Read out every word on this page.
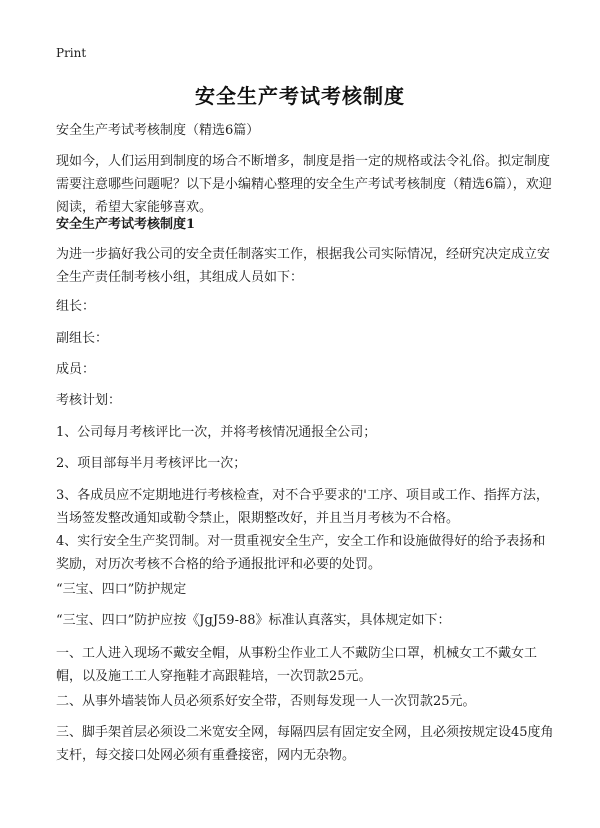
Print
安全生产考试考核制度

安全生产考试考核制度（精选6篇）

现如今，人们运用到制度的场合不断增多，制度是指一定的规格或法令礼俗。拟定制度需要注意哪些问题呢？以下是小编精心整理的安全生产考试考核制度（精选6篇），欢迎阅读，希望大家能够喜欢。

安全生产考试考核制度1

为进一步搞好我公司的安全责任制落实工作，根据我公司实际情况，经研究决定成立安全生产责任制考核小组，其组成人员如下：

组长：

副组长：

成员：

考核计划：

1、公司每月考核评比一次，并将考核情况通报全公司；

2、项目部每半月考核评比一次；

3、各成员应不定期地进行考核检查，对不合乎要求的'工序、项目或工作、指挥方法，当场签发整改通知或勒令禁止，限期整改好，并且当月考核为不合格。

4、实行安全生产奖罚制。对一贯重视安全生产，安全工作和设施做得好的给予表扬和奖励，对历次考核不合格的给予通报批评和必要的处罚。

“三宝、四口”防护规定

“三宝、四口”防护应按《JgJ59-88》标准认真落实，具体规定如下：

一、工人进入现场不戴安全帽，从事粉尘作业工人不戴防尘口罩，机械女工不戴女工帽，以及施工工人穿拖鞋才高跟鞋培，一次罚款25元。

二、从事外墙装饰人员必须系好安全带，否则每发现一人一次罚款25元。

三、脚手架首层必须设二米宽安全网，每隔四层有固定安全网，且必须按规定设45度角支杆，每交接口处网必须有重叠接密，网内无杂物。
